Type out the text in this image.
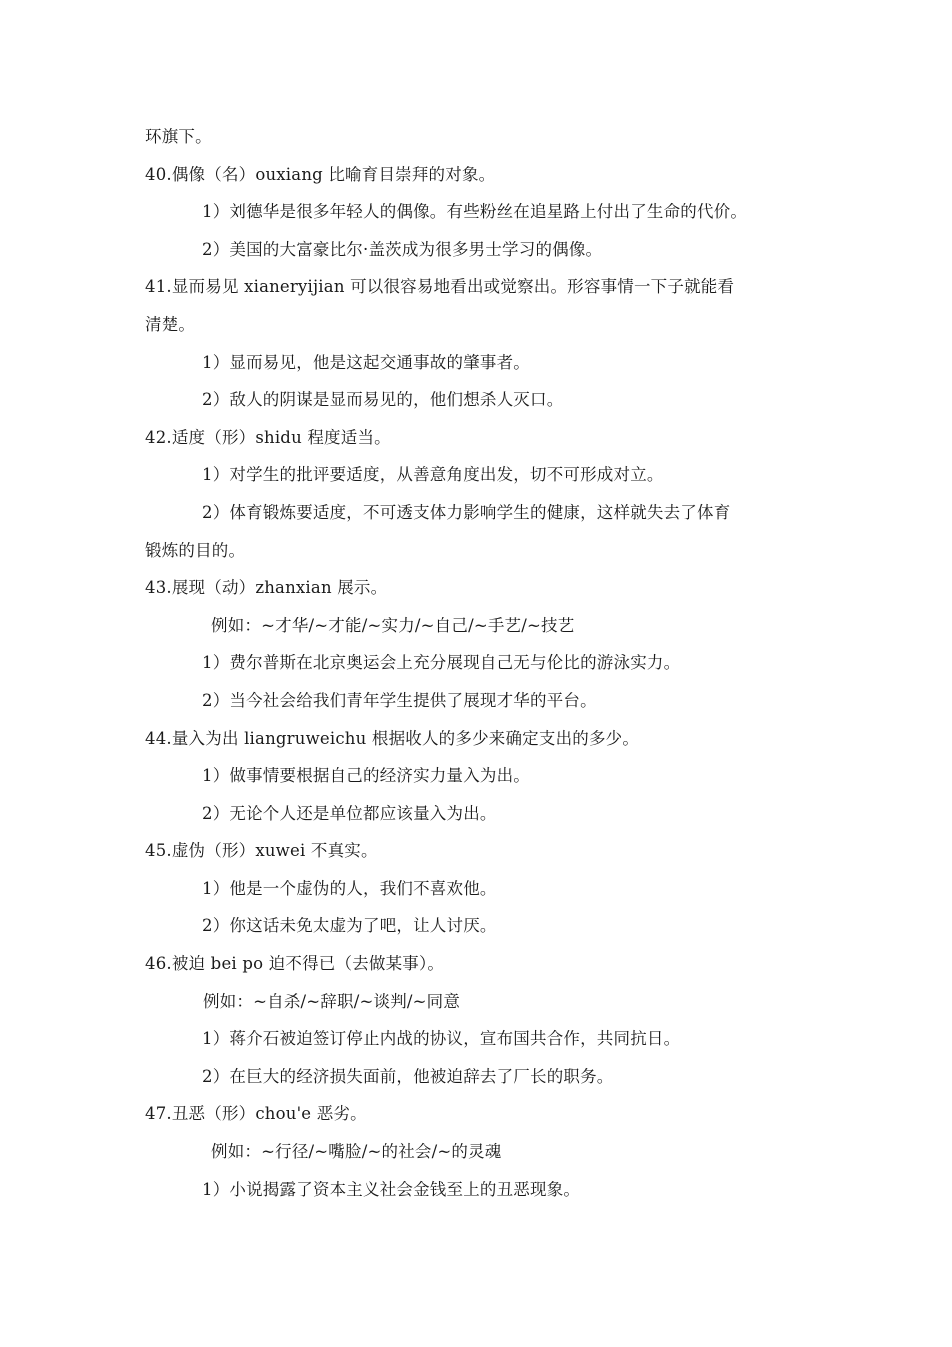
环旗下。
40.偶像（名）ouxiang 比喻育目崇拜的对象。
1）刘德华是很多年轻人的偶像。有些粉丝在追星路上付出了生命的代价。
2）美国的大富豪比尔·盖茨成为很多男士学习的偶像。
41.显而易见 xianeryijian 可以很容易地看出或觉察出。形容事情一下子就能看
清楚。
1）显而易见，他是这起交通事故的肇事者。
2）敌人的阴谋是显而易见的，他们想杀人灭口。
42.适度（形）shidu 程度适当。
1）对学生的批评要适度，从善意角度出发，切不可形成对立。
2）体育锻炼要适度，不可透支体力影响学生的健康，这样就失去了体育
锻炼的目的。
43.展现（动）zhanxian 展示。
例如：~才华/~才能/~实力/~自己/~手艺/~技艺
1）费尔普斯在北京奥运会上充分展现自己无与伦比的游泳实力。
2）当今社会给我们青年学生提供了展现才华的平台。
44.量入为出 liangruweichu 根据收人的多少来确定支出的多少。
1）做事情要根据自己的经济实力量入为出。
2）无论个人还是单位都应该量入为出。
45.虚伪（形）xuwei 不真实。
1）他是一个虚伪的人，我们不喜欢他。
2）你这话未免太虚为了吧，让人讨厌。
46.被迫 bei po 迫不得已（去做某事）。
例如：~自杀/~辞职/~谈判/~同意
1）蒋介石被迫签订停止内战的协议，宣布国共合作，共同抗日。
2）在巨大的经济损失面前，他被迫辞去了厂长的职务。
47.丑恶（形）chou'e 恶劣。
例如：~行径/~嘴脸/~的社会/~的灵魂
1）小说揭露了资本主义社会金钱至上的丑恶现象。
